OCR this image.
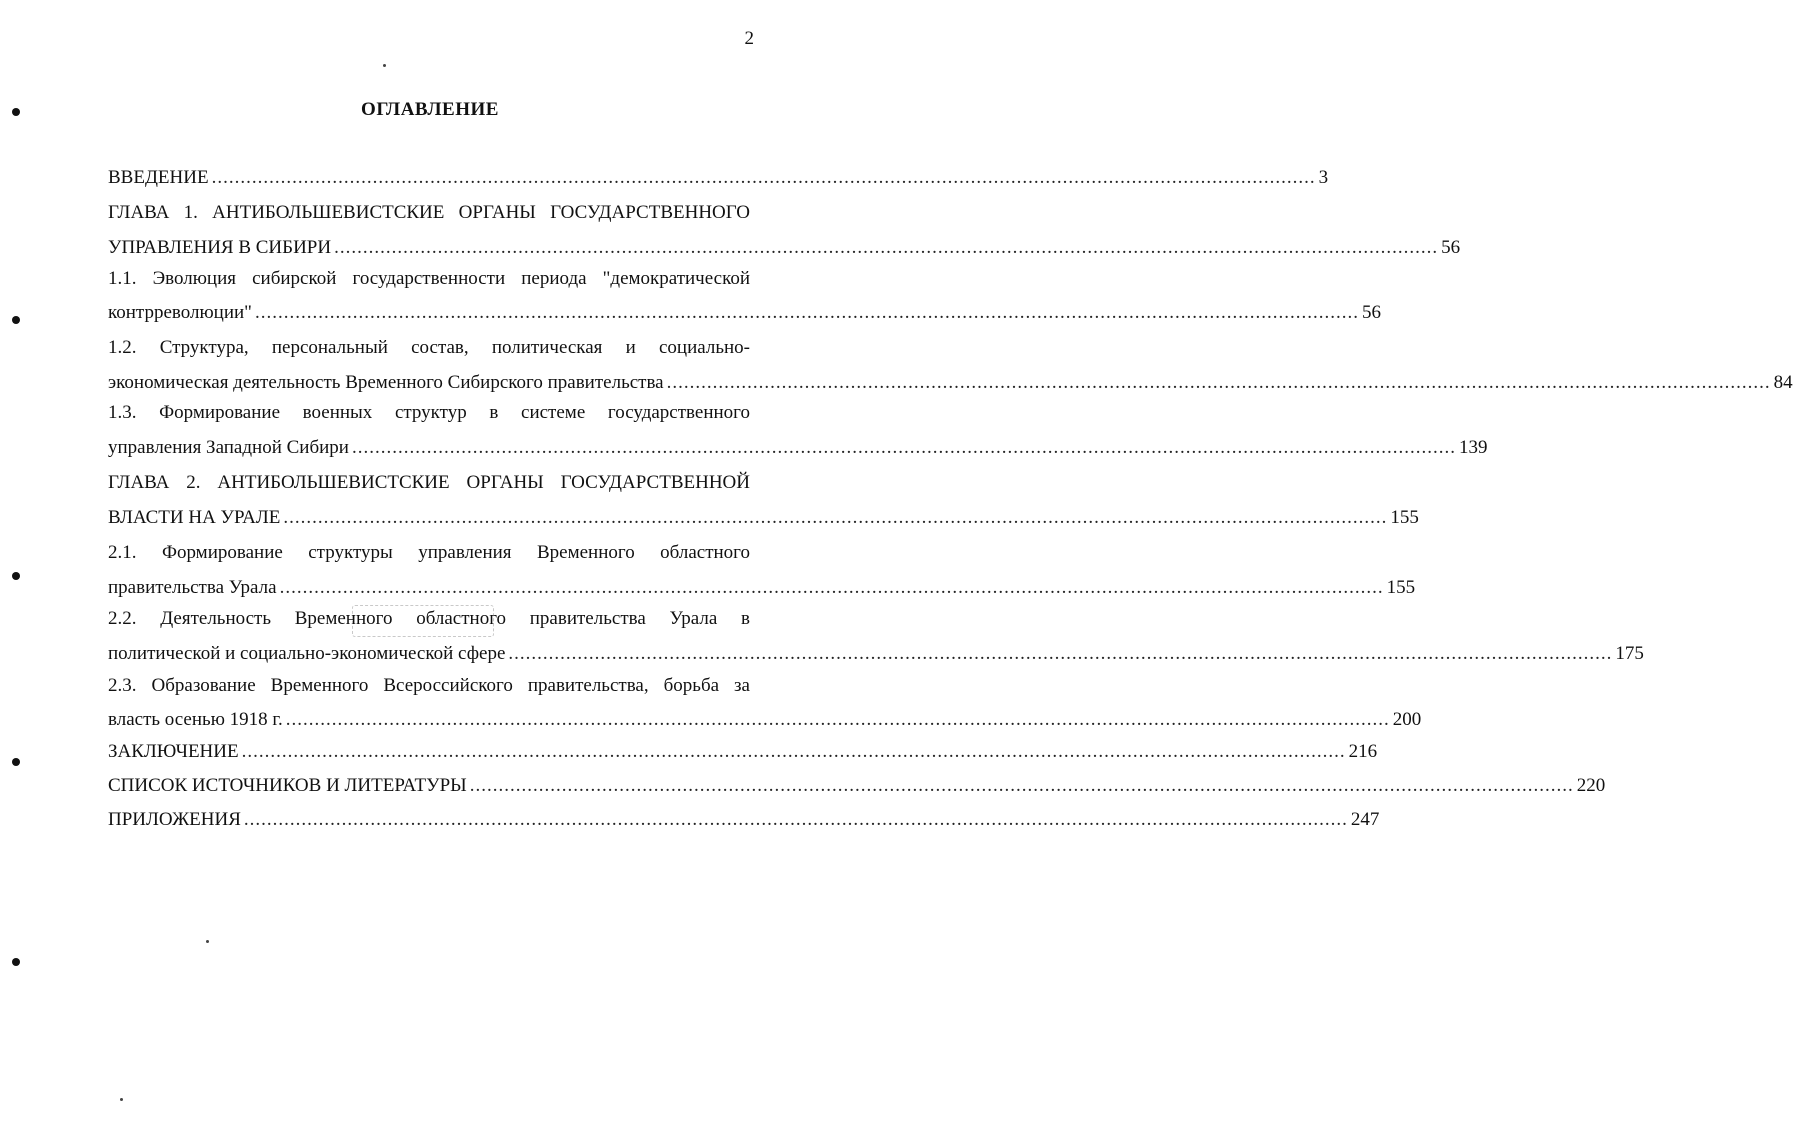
2
ОГЛАВЛЕНИЕ
ВВЕДЕНИЕ ................................................................................................................................................................................................ 3
ГЛАВА 1. АНТИБОЛЬШЕВИСТСКИЕ ОРГАНЫ ГОСУДАРСТВЕННОГО
УПРАВЛЕНИЯ В СИБИРИ ................................................................................................................................................................................................ 56
1.1. Эволюция сибирской государственности периода "демократической
контрреволюции" ................................................................................................................................................................................................ 56
1.2. Структура, персональный состав, политическая и социально-
экономическая деятельность Временного Сибирского правительства ................................................................................................................................................................................................ 84
1.3. Формирование военных структур в системе государственного
управления Западной Сибири ................................................................................................................................................................................................ 139
ГЛАВА 2. АНТИБОЛЬШЕВИСТСКИЕ ОРГАНЫ ГОСУДАРСТВЕННОЙ
ВЛАСТИ НА УРАЛЕ ................................................................................................................................................................................................ 155
2.1. Формирование структуры управления Временного областного
правительства Урала ................................................................................................................................................................................................ 155
2.2. Деятельность Временного областного правительства Урала в
политической и социально-экономической сфере ................................................................................................................................................................................................ 175
2.3. Образование Временного Всероссийского правительства, борьба за
власть осенью 1918 г. ................................................................................................................................................................................................ 200
ЗАКЛЮЧЕНИЕ ................................................................................................................................................................................................ 216
СПИСОК ИСТОЧНИКОВ И ЛИТЕРАТУРЫ ................................................................................................................................................................................................ 220
ПРИЛОЖЕНИЯ ................................................................................................................................................................................................ 247
